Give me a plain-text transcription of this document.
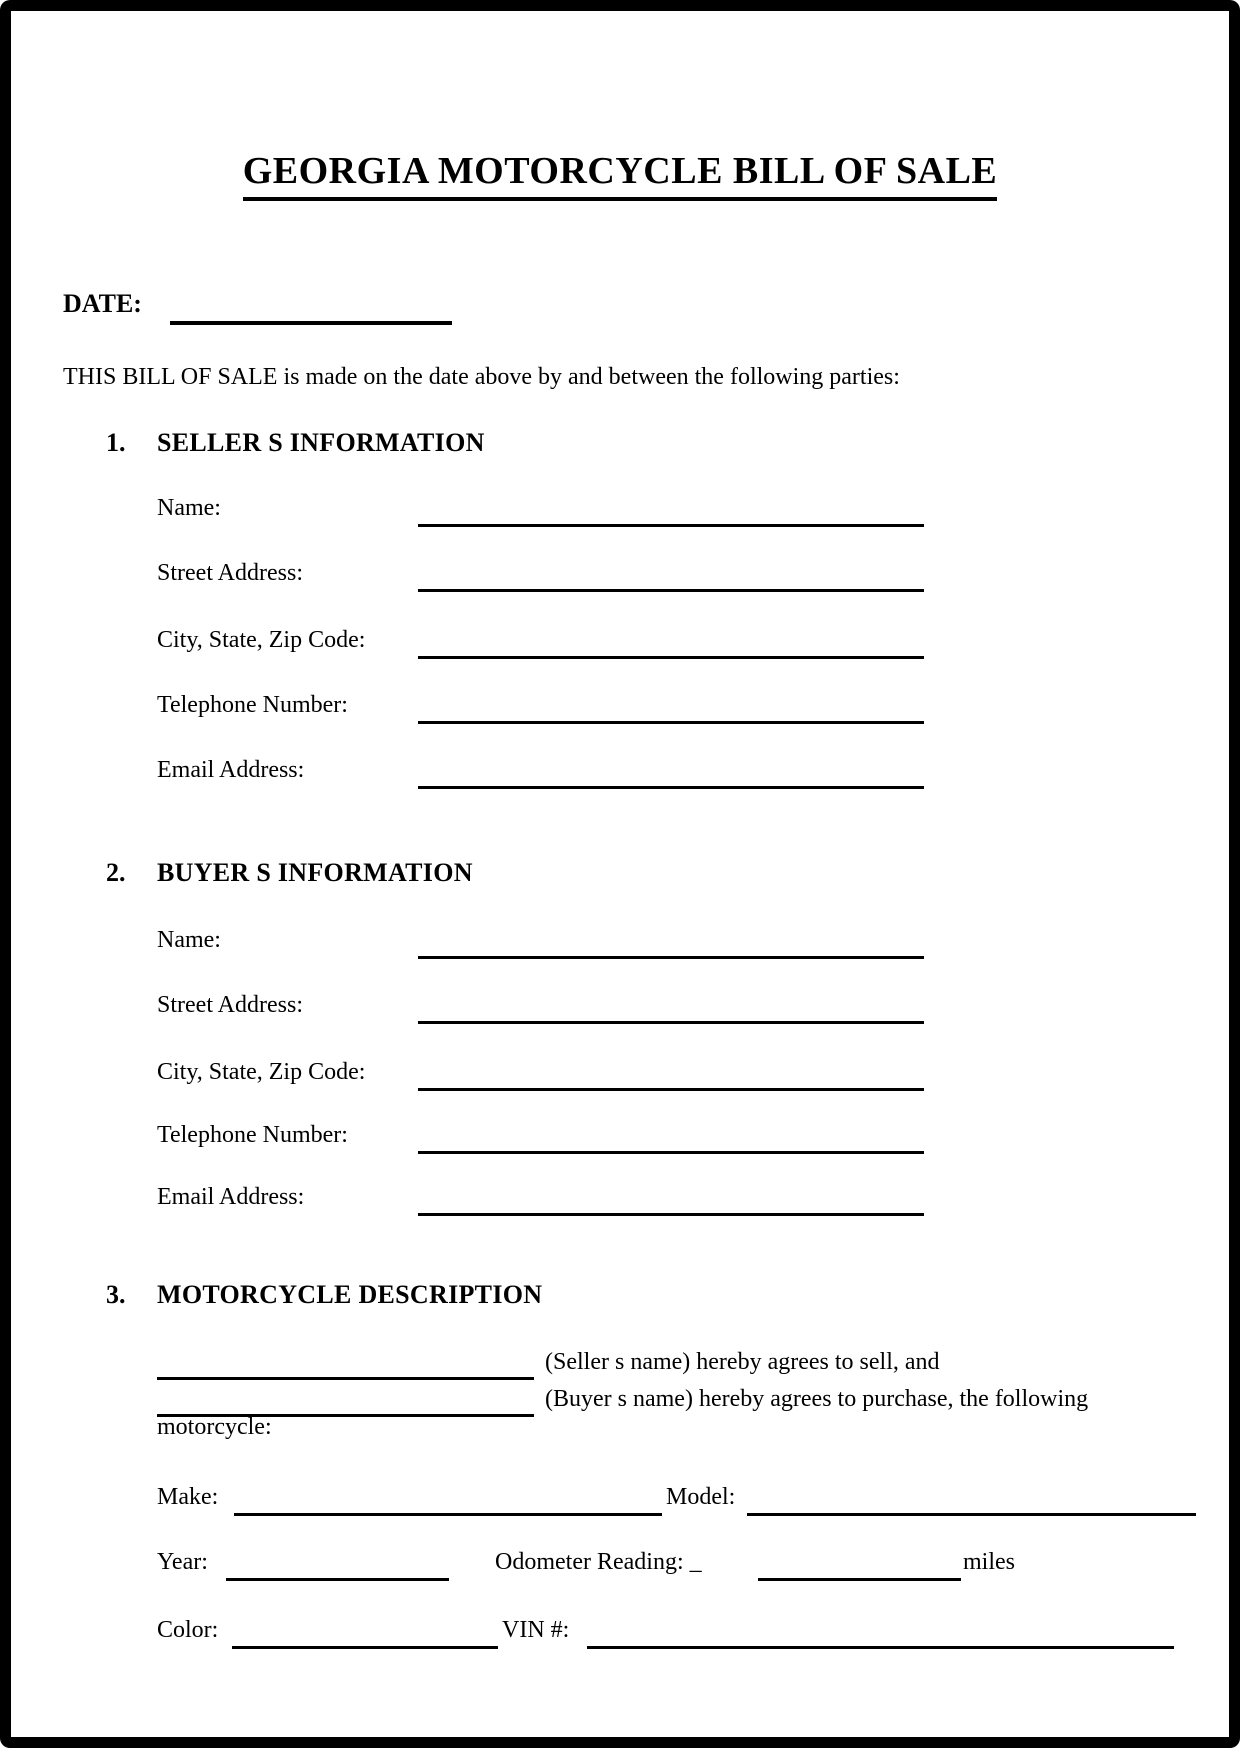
GEORGIA MOTORCYCLE BILL OF SALE
DATE:
THIS BILL OF SALE is made on the date above by and between the following parties:
1. SELLER S INFORMATION
Name:
Street Address:
City, State, Zip Code:
Telephone Number:
Email Address:
2. BUYER S INFORMATION
Name:
Street Address:
City, State, Zip Code:
Telephone Number:
Email Address:
3. MOTORCYCLE DESCRIPTION
(Seller s name) hereby agrees to sell, and
(Buyer s name) hereby agrees to purchase, the following
motorcycle:
Make:	Model:
Year:	Odometer Reading: _	miles
Color:	VIN #:
